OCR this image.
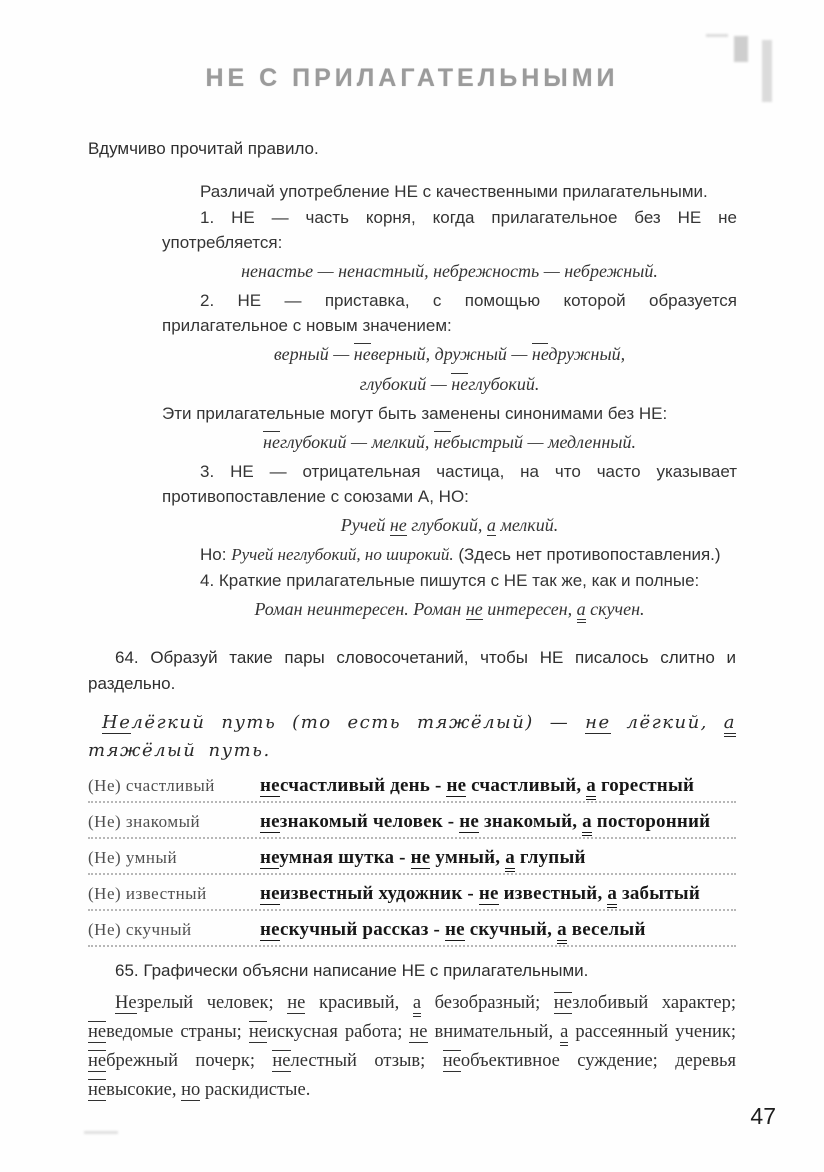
НЕ С ПРИЛАГАТЕЛЬНЫМИ
Вдумчиво прочитай правило.
Различай употребление НЕ с качественными прилагательными.
1. НЕ — часть корня, когда прилагательное без НЕ не употребляется:
ненастье — ненастный, небрежность — небрежный.
2. НЕ — приставка, с помощью которой образуется прилагательное с новым значением:
верный — неверный, дружный — недружный,
глубокий — неглубокий.
Эти прилагательные могут быть заменены синонимами без НЕ:
неглубокий — мелкий, небыстрый — медленный.
3. НЕ — отрицательная частица, на что часто указывает противопоставление с союзами А, НО:
Ручей не глубокий, а мелкий.
Но: Ручей неглубокий, но широкий. (Здесь нет противопоставления.)
4. Краткие прилагательные пишутся с НЕ так же, как и полные:
Роман неинтересен. Роман не интересен, а скучен.
64. Образуй такие пары словосочетаний, чтобы НЕ писалось слитно и раздельно.
Нелёгкий путь (то есть тяжёлый) — не лёгкий, а тяжёлый путь.
(Не) счастливый	несчастливый день - не счастливый, а горестный
(Не) знакомый	незнакомый человек - не знакомый, а посторонний
(Не) умный	неумная шутка - не умный, а глупый
(Не) известный	неизвестный художник - не известный, а забытый
(Не) скучный	нескучный рассказ - не скучный, а веселый
65. Графически объясни написание НЕ с прилагательными.
Незрелый человек; не красивый, а безобразный; незлобивый характер; неведомые страны; неискусная работа; не внимательный, а рассеянный ученик; небрежный почерк; нелестный отзыв; необъективное суждение; деревья невысокие, но раскидистые.
47
